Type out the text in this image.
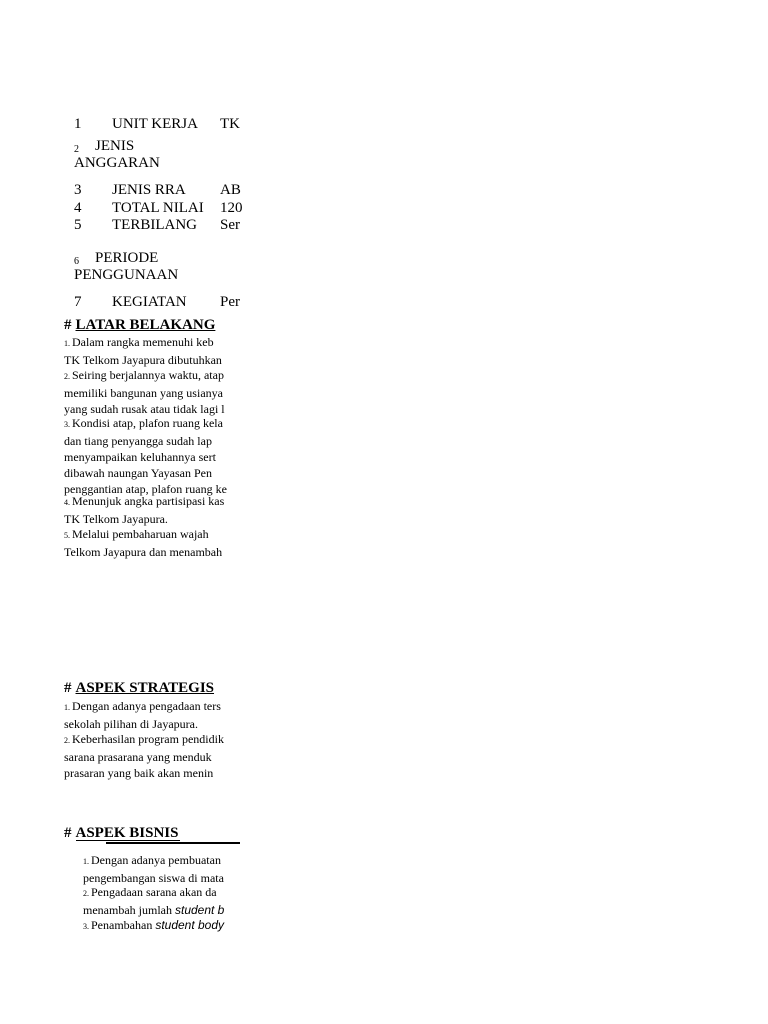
1 UNIT KERJA TK
2 JENIS
ANGGARAN
3 JENIS RRA AB
4 TOTAL NILAI 120
5 TERBILANG Ser
6 PERIODE
PENGGUNAAN
7 KEGIATAN Per
# LATAR BELAKANG
1. Dalam rangka memenuhi keb
TK Telkom Jayapura dibutuhkan
2. Seiring berjalannya waktu, atap
memiliki bangunan yang usianya
yang sudah rusak atau tidak lagi l
3. Kondisi atap, plafon ruang kela
dan tiang penyangga sudah lap
menyampaikan keluhannya sert
dibawah naungan Yayasan Pen
penggantian atap, plafon ruang ke
4. Menunjuk angka partisipasi kas
TK Telkom Jayapura.
5. Melalui pembaharuan wajah
Telkom Jayapura dan menambah
# ASPEK STRATEGIS
1. Dengan adanya pengadaan ters
sekolah pilihan di Jayapura.
2. Keberhasilan program pendidik
sarana prasarana yang menduk
prasaran yang baik akan menin
# ASPEK BISNIS
1. Dengan adanya pembuatan
pengembangan siswa di mata
2. Pengadaan sarana akan da
menambah jumlah student b
3. Penambahan student body
